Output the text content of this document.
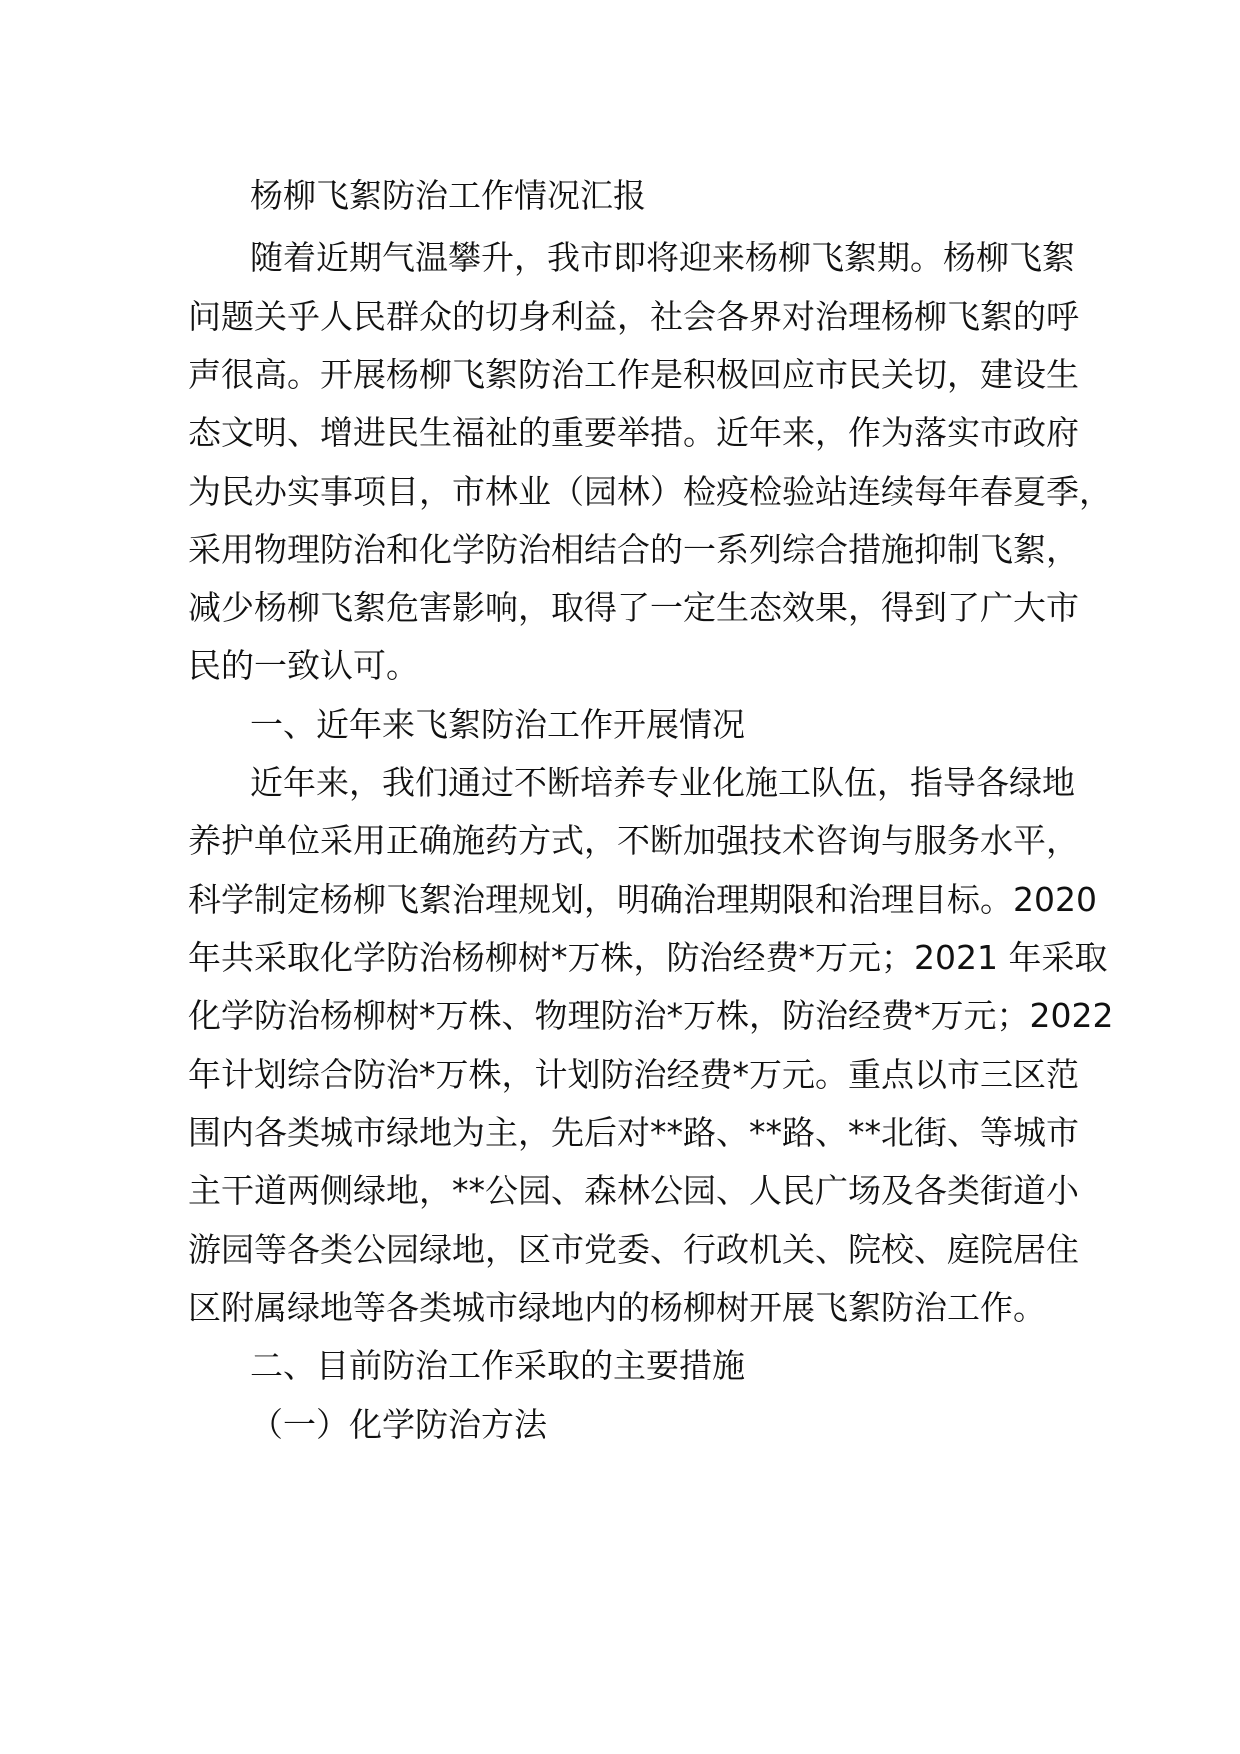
杨柳飞絮防治工作情况汇报
随着近期气温攀升，我市即将迎来杨柳飞絮期。杨柳飞絮
问题关乎人民群众的切身利益，社会各界对治理杨柳飞絮的呼
声很高。开展杨柳飞絮防治工作是积极回应市民关切，建设生
态文明、增进民生福祉的重要举措。近年来，作为落实市政府
为民办实事项目，市林业（园林）检疫检验站连续每年春夏季，
采用物理防治和化学防治相结合的一系列综合措施抑制飞絮，
减少杨柳飞絮危害影响，取得了一定生态效果，得到了广大市
民的一致认可。
一、近年来飞絮防治工作开展情况
近年来，我们通过不断培养专业化施工队伍，指导各绿地
养护单位采用正确施药方式，不断加强技术咨询与服务水平，
科学制定杨柳飞絮治理规划，明确治理期限和治理目标。2020
年共采取化学防治杨柳树*万株，防治经费*万元；2021 年采取
化学防治杨柳树*万株、物理防治*万株，防治经费*万元；2022
年计划综合防治*万株，计划防治经费*万元。重点以市三区范
围内各类城市绿地为主，先后对**路、**路、**北街、等城市
主干道两侧绿地，**公园、森林公园、人民广场及各类街道小
游园等各类公园绿地，区市党委、行政机关、院校、庭院居住
区附属绿地等各类城市绿地内的杨柳树开展飞絮防治工作。
二、目前防治工作采取的主要措施
（一）化学防治方法
